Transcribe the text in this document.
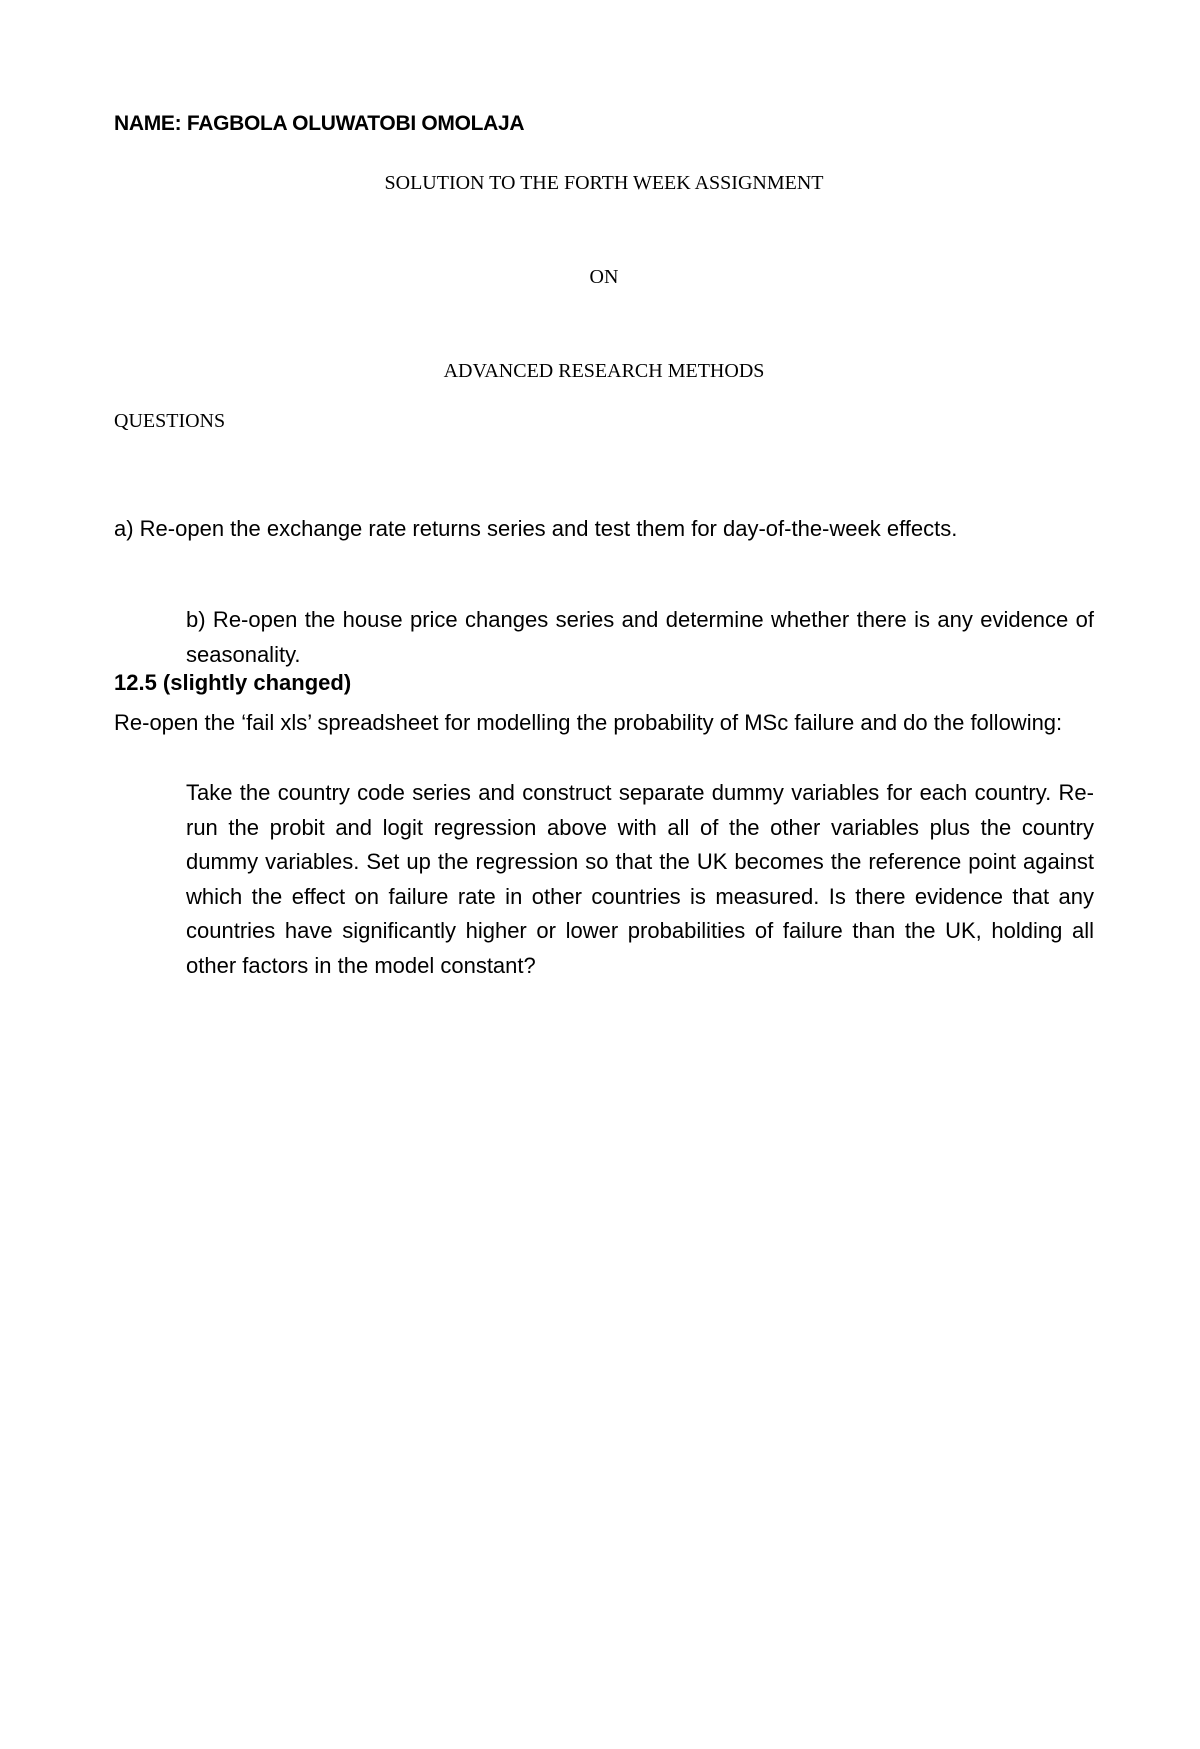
NAME: FAGBOLA OLUWATOBI OMOLAJA
SOLUTION TO THE FORTH WEEK ASSIGNMENT
ON
ADVANCED RESEARCH METHODS
QUESTIONS

a) Re-open the exchange rate returns series and test them for day-of-the-week effects.

b) Re-open the house price changes series and determine whether there is any evidence of seasonality.

12.5 (slightly changed)

Re-open the ‘fail xls’ spreadsheet for modelling the probability of MSc failure and do the following:

Take the country code series and construct separate dummy variables for each country. Re-run the probit and logit regression above with all of the other variables plus the country dummy variables. Set up the regression so that the UK becomes the reference point against which the effect on failure rate in other countries is measured. Is there evidence that any countries have significantly higher or lower probabilities of failure than the UK, holding all other factors in the model constant?
